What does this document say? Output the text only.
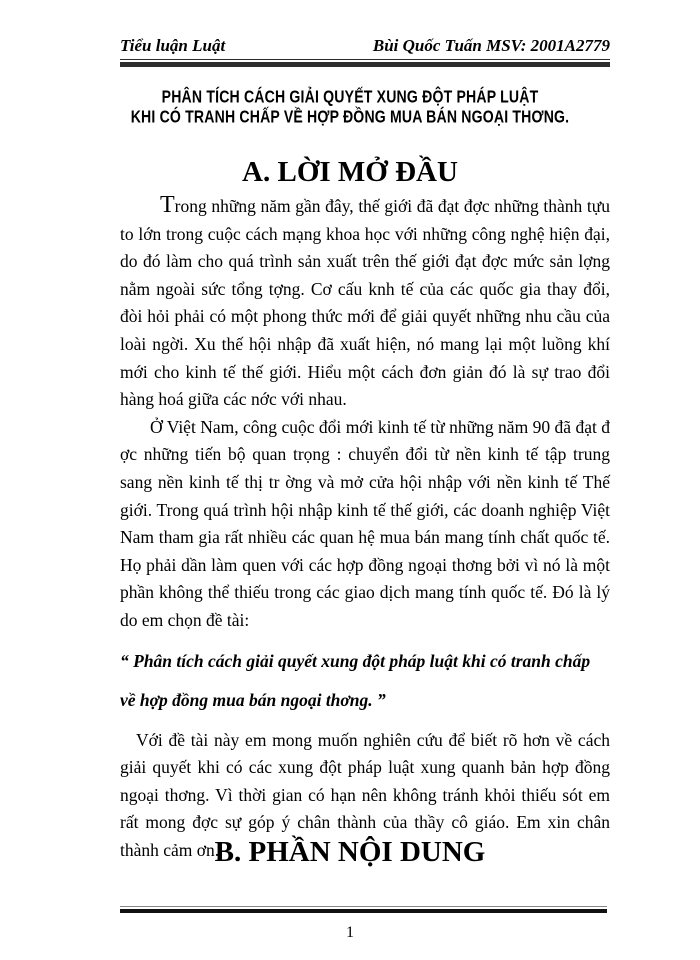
Tiểu luận Luật	Bùi Quốc Tuấn MSV: 2001A2779
PHÂN TÍCH CÁCH GIẢI QUYẾT XUNG ĐỘT PHÁP LUẬT
KHI CÓ TRANH CHẤP VỀ HỢP ĐỒNG MUA BÁN NGOẠI THƠNG.
A. LỜI MỞ ĐẦU

Trong những năm gần đây, thế giới đã đạt đợc những thành tựu to lớn trong cuộc cách mạng khoa học với những công nghệ hiện đại, do đó làm cho quá trình sản xuất trên thế giới đạt đợc mức sản lợng nằm ngoài sức tổng tợng. Cơ cấu knh tế của các quốc gia thay đổi, đòi hỏi phải có một phong thức mới để giải quyết những nhu cầu của loài ngời. Xu thế hội nhập đã xuất hiện, nó mang lại một luồng khí mới cho kinh tế thế giới. Hiểu một cách đơn giản đó là sự trao đổi hàng hoá giữa các nớc với nhau.

Ở Việt Nam, công cuộc đổi mới kinh tế từ những năm 90 đã đạt đ ợc những tiến bộ quan trọng : chuyển đổi từ nền kinh tế tập trung sang nền kinh tế thị tr ờng và mở cửa hội nhập với nền kinh tế Thế giới. Trong quá trình hội nhập kinh tế thế giới, các doanh nghiệp Việt Nam tham gia rất nhiều các quan hệ mua bán mang tính chất quốc tế. Họ phải dần làm quen với các hợp đồng ngoại thơng bởi vì nó là một phần không thể thiếu trong các giao dịch mang tính quốc tế. Đó là lý do em chọn đề tài:

“ Phân tích cách giải quyết xung đột pháp luật khi có tranh chấp về hợp đồng mua bán ngoại thơng. ”

Với đề tài này em mong muốn nghiên cứu để biết rõ hơn về cách giải quyết khi có các xung đột pháp luật xung quanh bản hợp đồng ngoại thơng. Vì thời gian có hạn nên không tránh khỏi thiếu sót em rất mong đợc sự góp ý chân thành của thầy cô giáo. Em xin chân thành cảm ơn.

B. PHẦN NỘI DUNG
1
